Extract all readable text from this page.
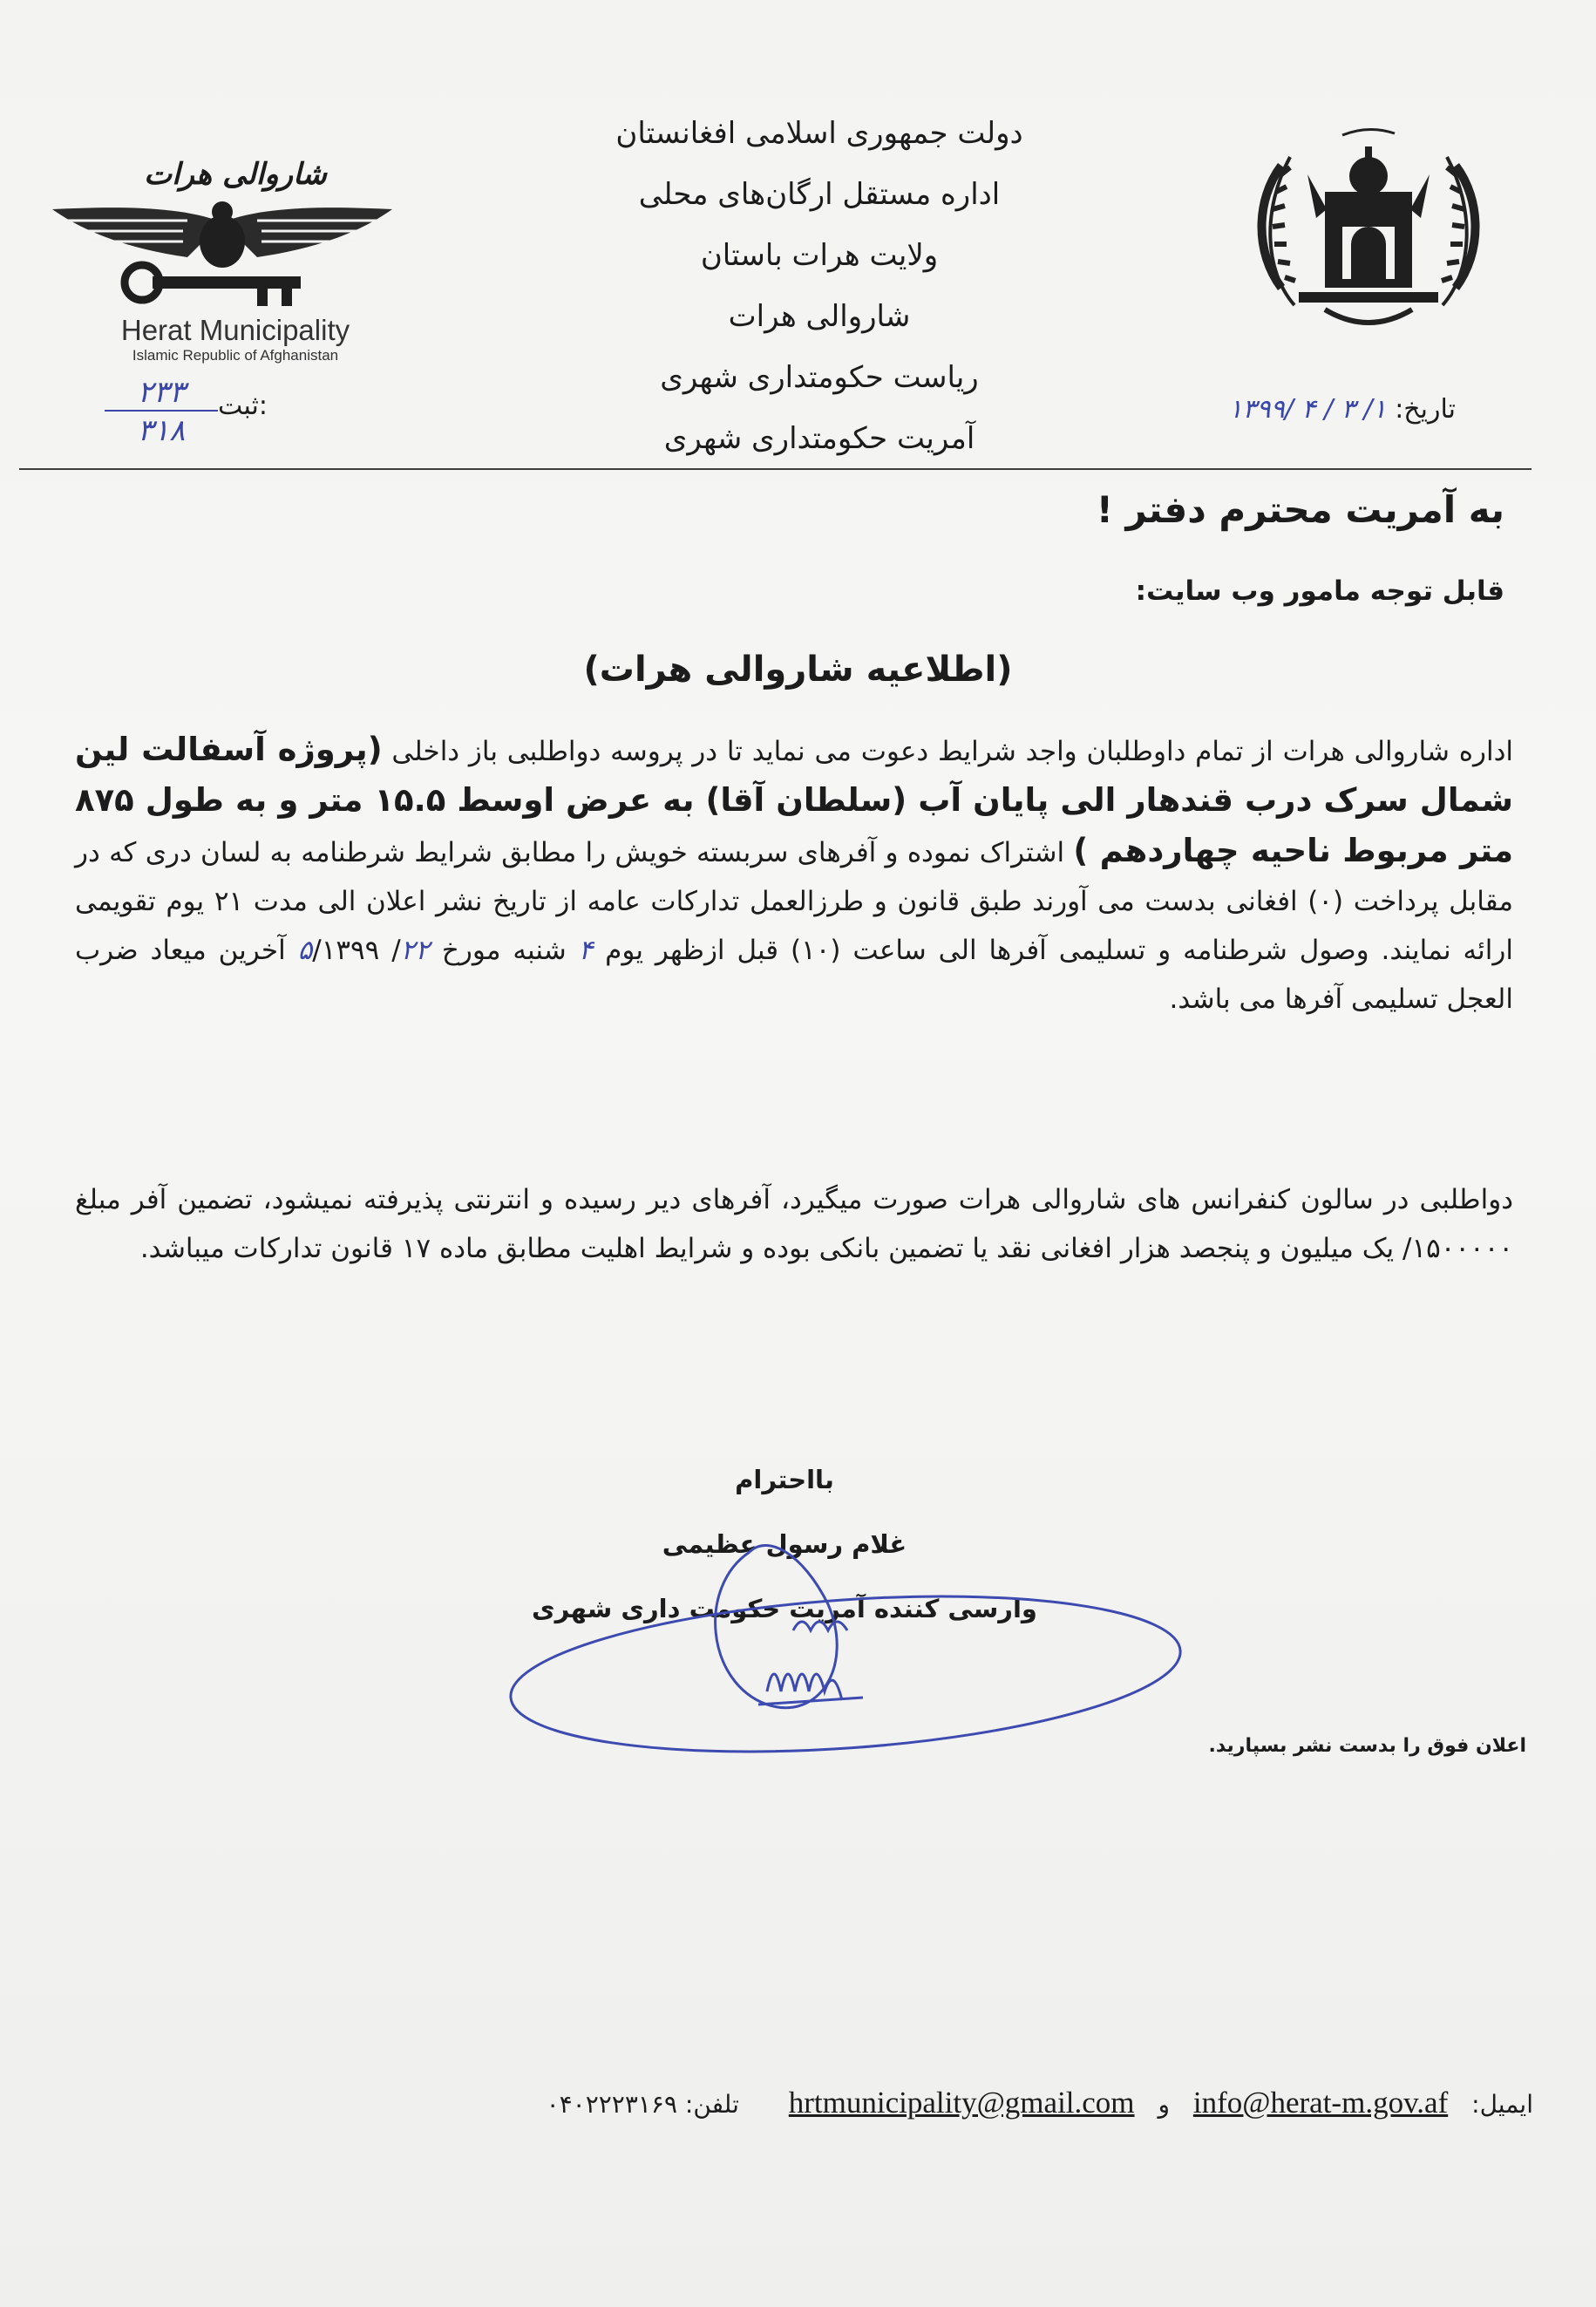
دولت جمهوری اسلامی افغانستان
اداره مستقل ارگان‌های محلی
ولایت هرات باستان
شاروالی هرات
ریاست حکومتداری شهری
آمریت حکومتداری شهری
شاروالی هرات
Herat Municipality
Islamic Republic of Afghanistan
ثبت:
۲۳۳
۳۱۸
تاریخ: ۱/ ۳ / ۴ /۱۳۹۹
به آمریت محترم دفتر !
قابل توجه مامور وب سایت:
(اطلاعیه شاروالی هرات)
اداره شاروالی هرات از تمام داوطلبان واجد شرایط دعوت می نماید تا در پروسه دواطلبی باز داخلی (پروژه آسفالت لین شمال سرک درب قندهار الی پایان آب (سلطان آقا) به عرض اوسط ۱۵.۵ متر و به طول ۸۷۵ متر مربوط ناحیه چهاردهم ) اشتراک نموده و آفرهای سربسته خویش را مطابق شرایط شرطنامه به لسان دری که در مقابل پرداخت (۰) افغانی بدست می آورند طبق قانون و طرزالعمل تدارکات عامه از تاریخ نشر اعلان الی مدت ۲۱ یوم تقویمی ارائه نمایند. وصول شرطنامه و تسلیمی آفرها الی ساعت (۱۰) قبل ازظهر یوم ۴ شنبه مورخ ۲۲/ ۵/۱۳۹۹ آخرین میعاد ضرب العجل تسلیمی آفرها می باشد.
دواطلبی در سالون کنفرانس های شاروالی هرات صورت میگیرد، آفرهای دیر رسیده و انترنتی پذیرفته نمیشود، تضمین آفر مبلغ ۱۵۰۰۰۰۰/ یک میلیون و پنجصد هزار افغانی نقد یا تضمین بانکی بوده و شرایط اهلیت مطابق ماده ۱۷ قانون تدارکات میباشد.
بااحترام
غلام رسول عظیمی
وارسی کننده آمریت حکومت داری شهری
اعلان فوق را بدست نشر بسپارید.
ایمیل: info@herat-m.gov.af و hrtmunicipality@gmail.com تلفن: ۰۴۰۲۲۲۳۱۶۹
